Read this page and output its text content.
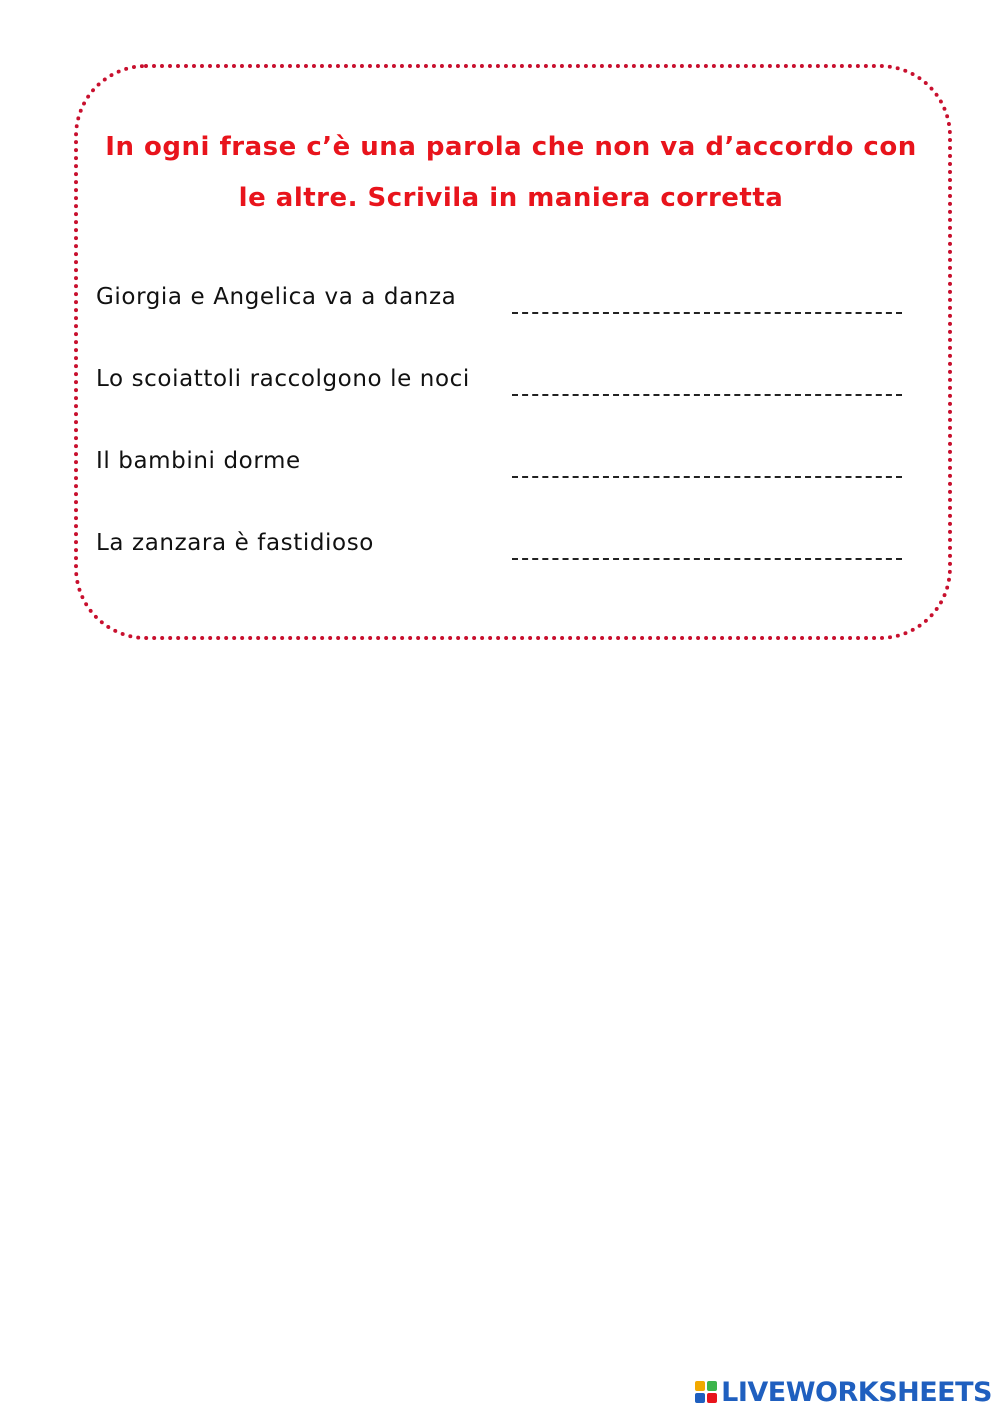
In ogni frase c’è una parola che non va d’accordo con le altre. Scrivila in maniera corretta

Giorgia e Angelica va a danza
Lo scoiattoli raccolgono le noci
Il bambini dorme
La zanzara è fastidioso
LIVEWORKSHEETS
